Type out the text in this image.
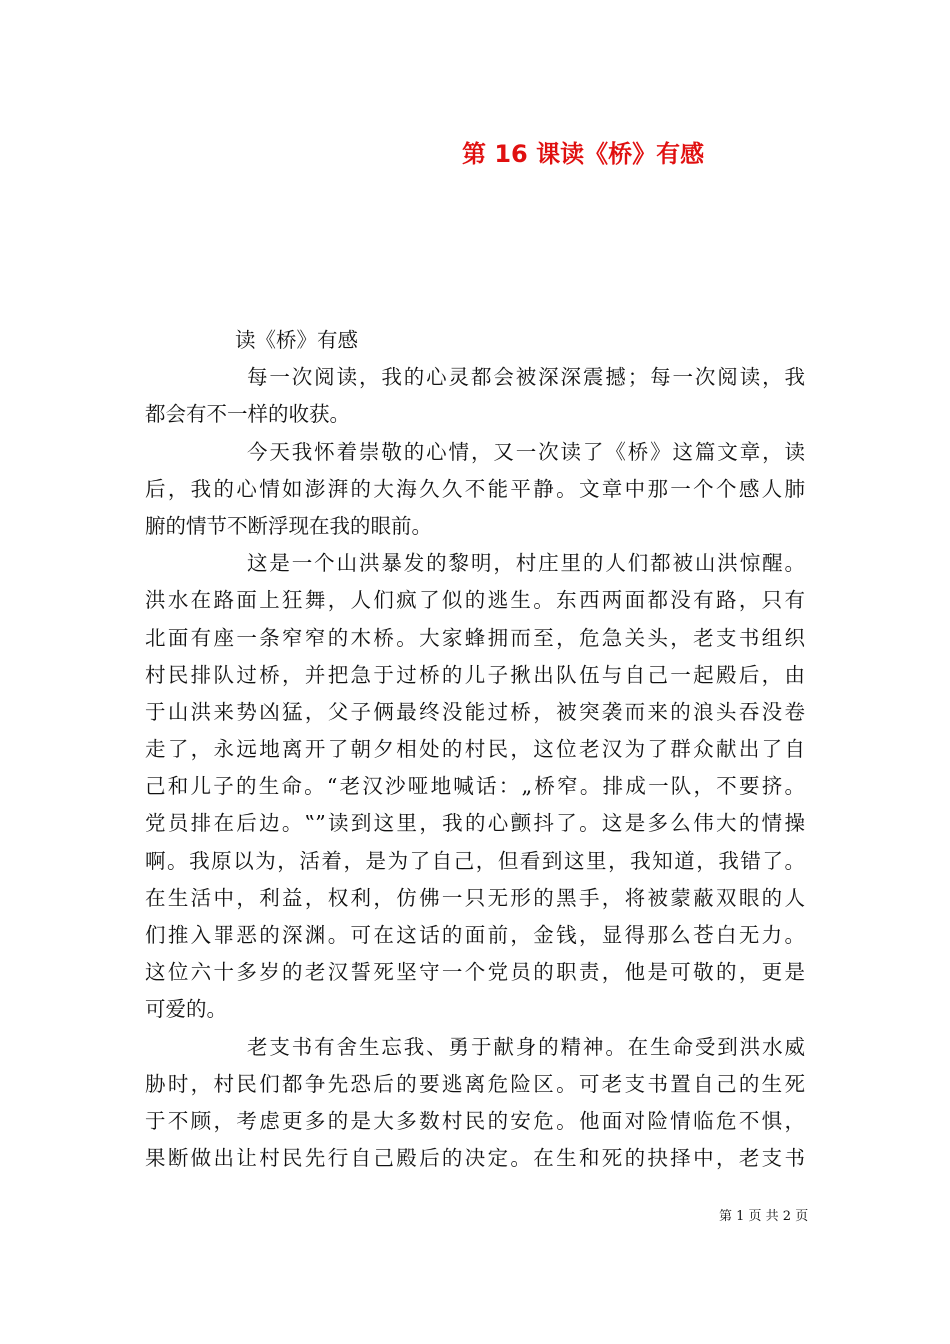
第 16 课读《桥》有感
读《桥》有感
每一次阅读，我的心灵都会被深深震撼；每一次阅读，我
都会有不一样的收获。
今天我怀着崇敬的心情，又一次读了《桥》这篇文章，读
后，我的心情如澎湃的大海久久不能平静。文章中那一个个感人肺
腑的情节不断浮现在我的眼前。
这是一个山洪暴发的黎明，村庄里的人们都被山洪惊醒。
洪水在路面上狂舞，人们疯了似的逃生。东西两面都没有路，只有
北面有座一条窄窄的木桥。大家蜂拥而至，危急关头，老支书组织
村民排队过桥，并把急于过桥的儿子揪出队伍与自己一起殿后，由
于山洪来势凶猛，父子俩最终没能过桥，被突袭而来的浪头吞没卷
走了，永远地离开了朝夕相处的村民，这位老汉为了群众献出了自
己和儿子的生命。“老汉沙哑地喊话：„桥窄。排成一队，不要挤。
党员排在后边。‟”读到这里，我的心颤抖了。这是多么伟大的情操
啊。我原以为，活着，是为了自己，但看到这里，我知道，我错了。
在生活中，利益，权利，仿佛一只无形的黑手，将被蒙蔽双眼的人
们推入罪恶的深渊。可在这话的面前，金钱，显得那么苍白无力。
这位六十多岁的老汉誓死坚守一个党员的职责，他是可敬的，更是
可爱的。
老支书有舍生忘我、勇于献身的精神。在生命受到洪水威
胁时，村民们都争先恐后的要逃离危险区。可老支书置自己的生死
于不顾，考虑更多的是大多数村民的安危。他面对险情临危不惧，
果断做出让村民先行自己殿后的决定。在生和死的抉择中，老支书
第 1 页 共 2 页
